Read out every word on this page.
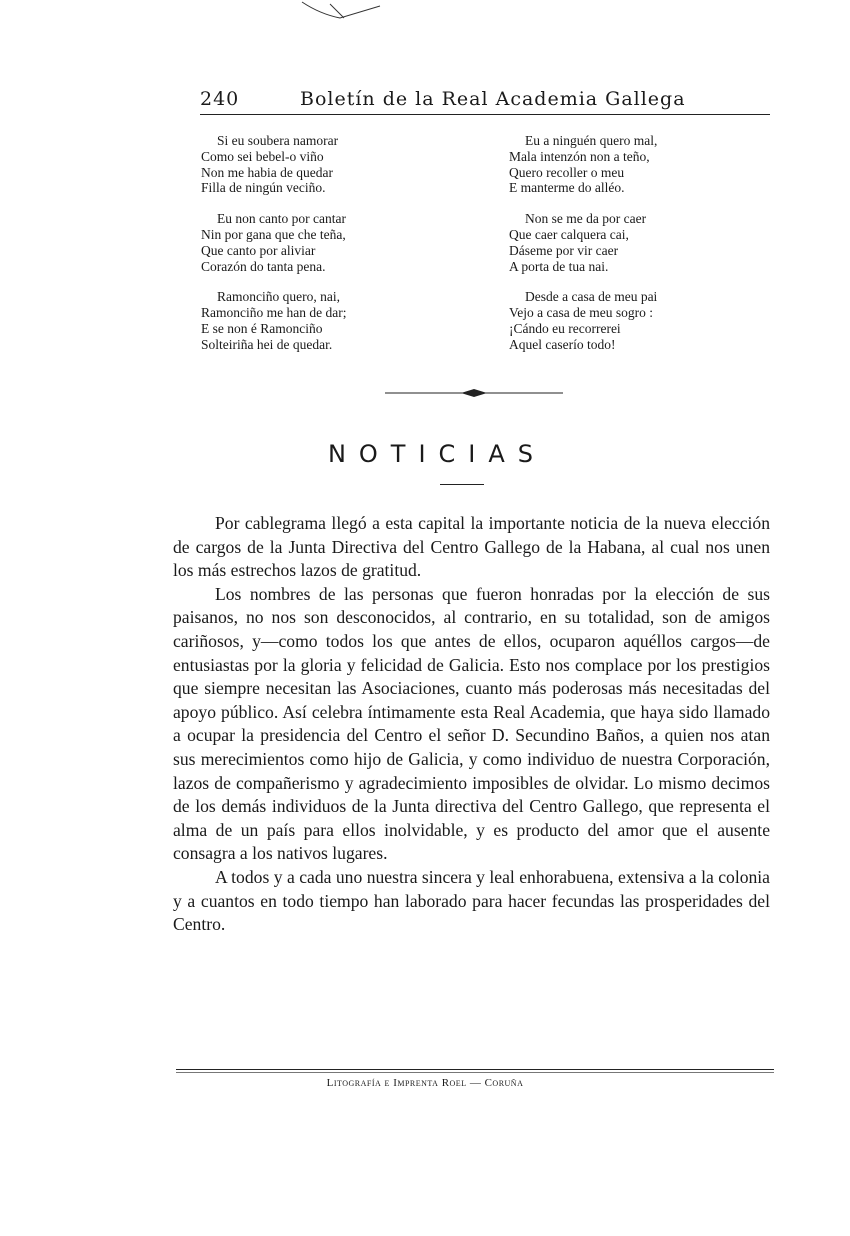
240	Boletín de la Real Academia Gallega
Si eu soubera namorar
Como sei bebel-o viño
Non me habia de quedar
Filla de ningún veciño.
Eu non canto por cantar
Nin por gana que che teña,
Que canto por aliviar
Corazón do tanta pena.
Ramonciño quero, nai,
Ramonciño me han de dar;
E se non é Ramonciño
Solteiriña hei de quedar.
Eu a ninguén quero mal,
Mala intenzón non a teño,
Quero recoller o meu
E manterme do alléo.
Non se me da por caer
Que caer calquera cai,
Dáseme por vir caer
A porta de tua nai.
Desde a casa de meu pai
Vejo a casa de meu sogro :
¡Cándo eu recorrerei
Aquel caserío todo!
NOTICIAS

Por cablegrama llegó a esta capital la importante noticia de la nueva elección de cargos de la Junta Directiva del Centro Gallego de la Habana, al cual nos unen los más estrechos lazos de gratitud.

Los nombres de las personas que fueron honradas por la elección de sus paisanos, no nos son desconocidos, al contrario, en su totalidad, son de amigos cariñosos, y—como todos los que antes de ellos, ocuparon aquéllos cargos—de entusiastas por la gloria y felicidad de Galicia. Esto nos complace por los prestigios que siempre necesitan las Asociaciones, cuanto más poderosas más necesitadas del apoyo público. Así celebra íntimamente esta Real Academia, que haya sido llamado a ocupar la presidencia del Centro el señor D. Secundino Baños, a quien nos atan sus merecimientos como hijo de Galicia, y como individuo de nuestra Corporación, lazos de compañerismo y agradecimiento imposibles de olvidar. Lo mismo decimos de los demás individuos de la Junta directiva del Centro Gallego, que representa el alma de un país para ellos inolvidable, y es producto del amor que el ausente consagra a los nativos lugares.

A todos y a cada uno nuestra sincera y leal enhorabuena, extensiva a la colonia y a cuantos en todo tiempo han laborado para hacer fecundas las prosperidades del Centro.

Litografía e Imprenta Roel — Coruña
